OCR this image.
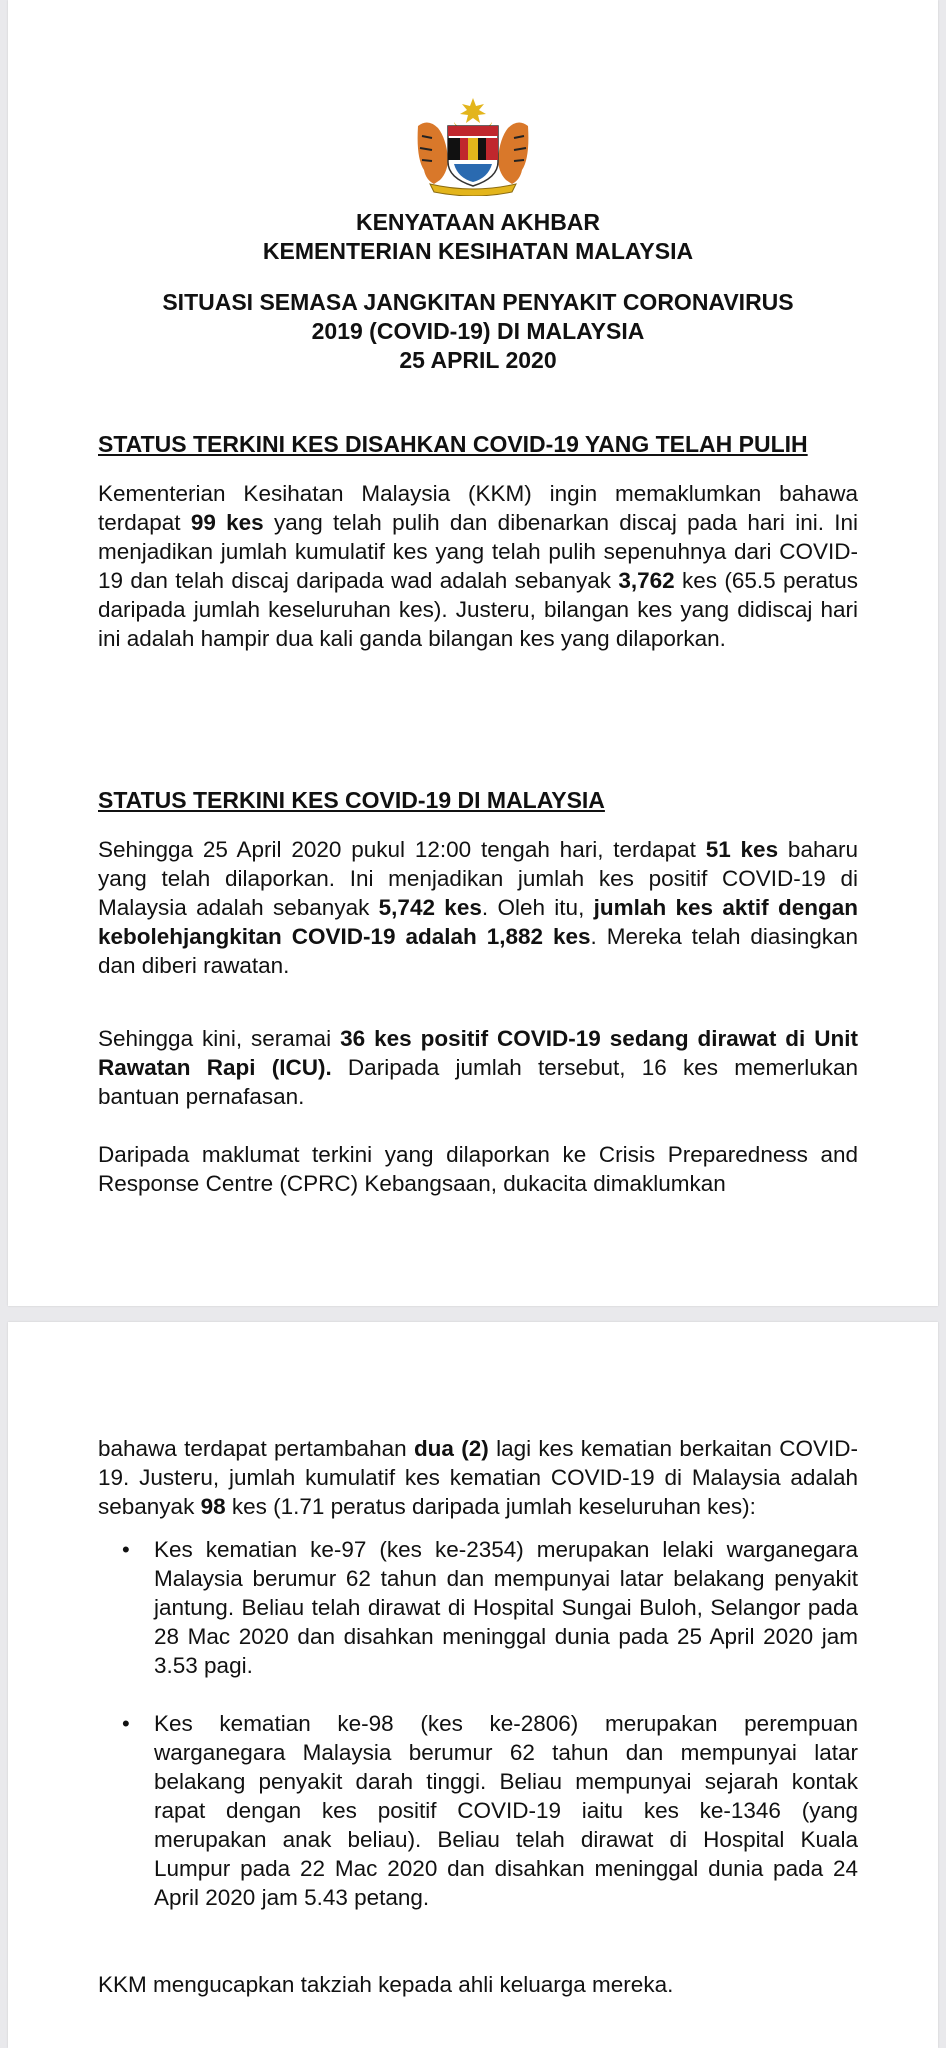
KENYATAAN AKHBAR
KEMENTERIAN KESIHATAN MALAYSIA
SITUASI SEMASA JANGKITAN PENYAKIT CORONAVIRUS
2019 (COVID-19) DI MALAYSIA
25 APRIL 2020
STATUS TERKINI KES DISAHKAN COVID-19 YANG TELAH PULIH

Kementerian Kesihatan Malaysia (KKM) ingin memaklumkan bahawa terdapat 99 kes yang telah pulih dan dibenarkan discaj pada hari ini. Ini menjadikan jumlah kumulatif kes yang telah pulih sepenuhnya dari COVID-19 dan telah discaj daripada wad adalah sebanyak 3,762 kes (65.5 peratus daripada jumlah keseluruhan kes). Justeru, bilangan kes yang didiscaj hari ini adalah hampir dua kali ganda bilangan kes yang dilaporkan.

STATUS TERKINI KES COVID-19 DI MALAYSIA

Sehingga 25 April 2020 pukul 12:00 tengah hari, terdapat 51 kes baharu yang telah dilaporkan. Ini menjadikan jumlah kes positif COVID-19 di Malaysia adalah sebanyak 5,742 kes. Oleh itu, jumlah kes aktif dengan kebolehjangkitan COVID-19 adalah 1,882 kes. Mereka telah diasingkan dan diberi rawatan.

Sehingga kini, seramai 36 kes positif COVID-19 sedang dirawat di Unit Rawatan Rapi (ICU). Daripada jumlah tersebut, 16 kes memerlukan bantuan pernafasan.

Daripada maklumat terkini yang dilaporkan ke Crisis Preparedness and Response Centre (CPRC) Kebangsaan, dukacita dimaklumkan

bahawa terdapat pertambahan dua (2) lagi kes kematian berkaitan COVID-19. Justeru, jumlah kumulatif kes kematian COVID-19 di Malaysia adalah sebanyak 98 kes (1.71 peratus daripada jumlah keseluruhan kes):

• Kes kematian ke-97 (kes ke-2354) merupakan lelaki warganegara Malaysia berumur 62 tahun dan mempunyai latar belakang penyakit jantung. Beliau telah dirawat di Hospital Sungai Buloh, Selangor pada 28 Mac 2020 dan disahkan meninggal dunia pada 25 April 2020 jam 3.53 pagi.

• Kes kematian ke-98 (kes ke-2806) merupakan perempuan warganegara Malaysia berumur 62 tahun dan mempunyai latar belakang penyakit darah tinggi. Beliau mempunyai sejarah kontak rapat dengan kes positif COVID-19 iaitu kes ke-1346 (yang merupakan anak beliau). Beliau telah dirawat di Hospital Kuala Lumpur pada 22 Mac 2020 dan disahkan meninggal dunia pada 24 April 2020 jam 5.43 petang.

KKM mengucapkan takziah kepada ahli keluarga mereka.
